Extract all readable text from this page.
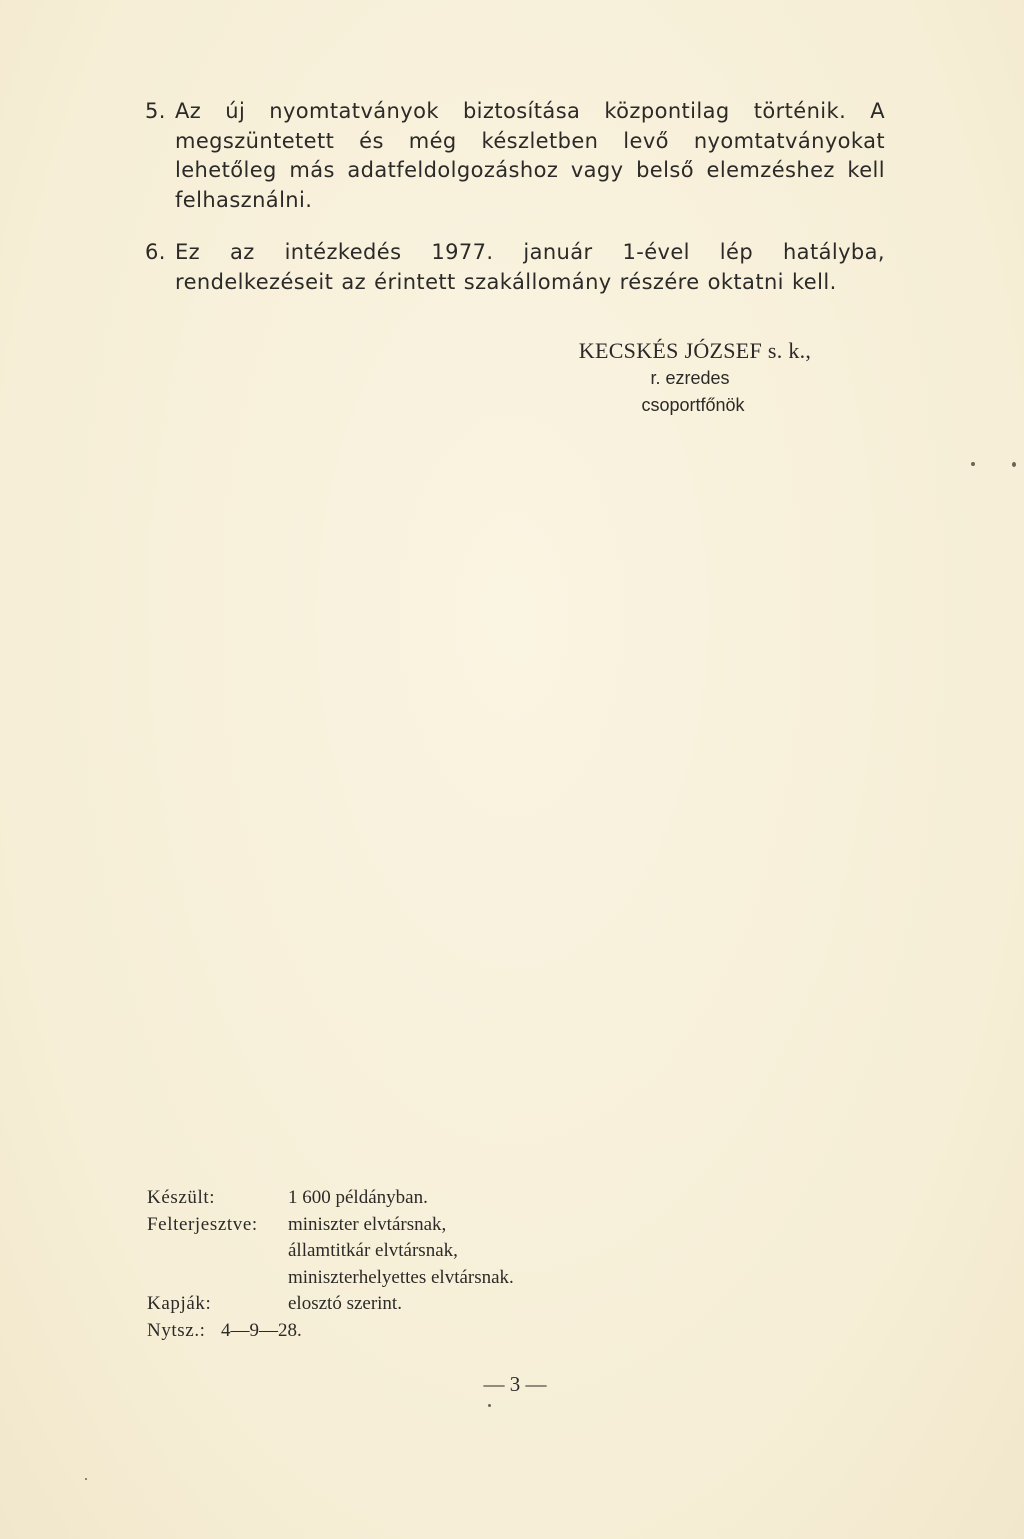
5. Az új nyomtatványok biztosítása központilag történik. A megszüntetett és még készletben levő nyomtatványokat lehetőleg más adatfeldolgozáshoz vagy belső elemzéshez kell felhasználni.
6. Ez az intézkedés 1977. január 1-ével lép hatályba, rendelkezéseit az érintett szakállomány részére oktatni kell.
KECSKÉS JÓZSEF s. k.,
r. ezredes
csoportfőnök
Készült:	1 600 példányban.
Felterjesztve: miniszter elvtársnak,
államtitkár elvtársnak,
miniszterhelyettes elvtársnak.
Kapják:	elosztó szerint.
Nytsz.: 4—9—28.
— 3 —
